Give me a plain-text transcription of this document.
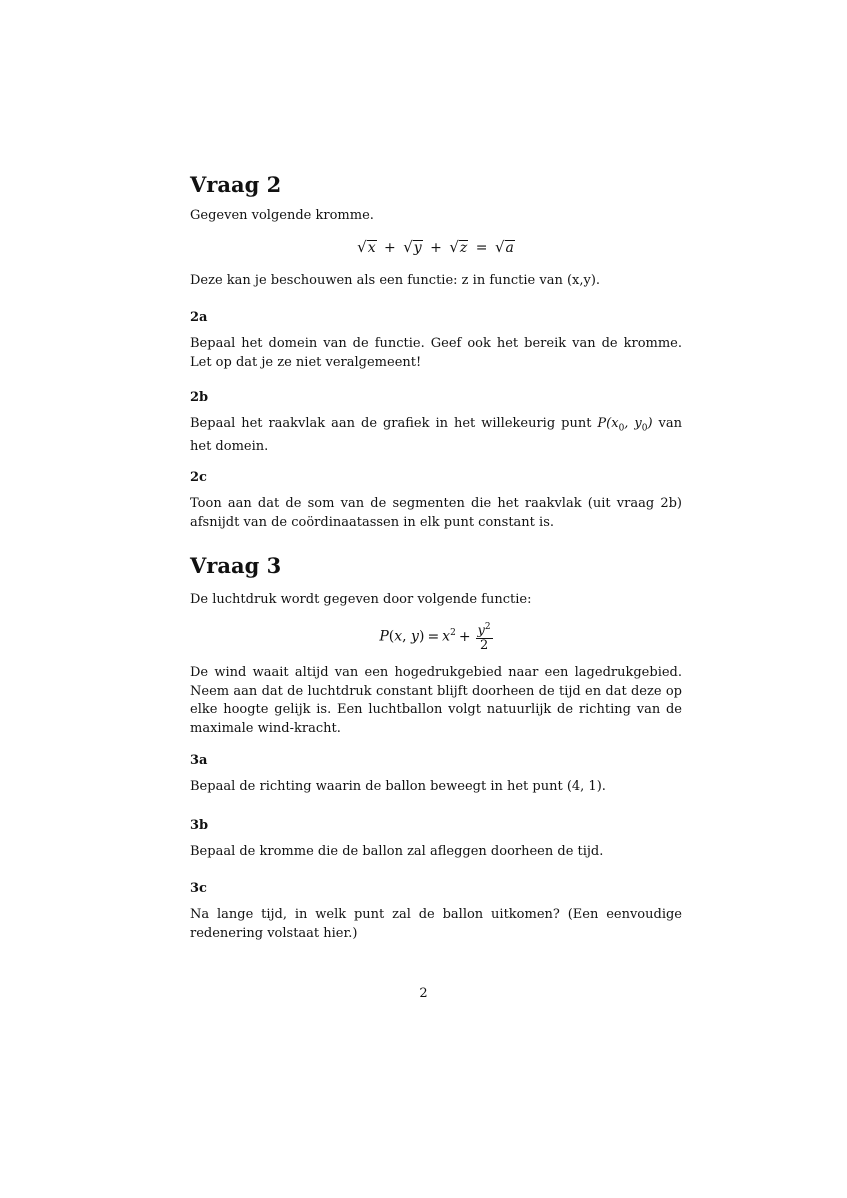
Vraag 2
Gegeven volgende kromme.
√x + √y + √z = √a
Deze kan je beschouwen als een functie: z in functie van (x,y).
2a
Bepaal het domein van de functie. Geef ook het bereik van de kromme. Let op dat je ze niet veralgemeent!
2b
Bepaal het raakvlak aan de grafiek in het willekeurig punt $P(x_0$, $y_0$) van het domein.
2c
Toon aan dat de som van de segmenten die het raakvlak (uit vraag 2b) afsnijdt van de coördinaatassen in elk punt constant is.
Vraag 3
De luchtdruk wordt gegeven door volgende functie:
P(x, $y) = x^2 + \frac{y^2}{2}$
De wind waait altijd van een hogedrukgebied naar een lagedrukgebied. Neem aan dat de luchtdruk constant blijft doorheen de tijd en dat deze op elke hoogte gelijk is. Een luchtballon volgt natuurlijk de richting van de maximale wind-kracht.
3a
Bepaal de richting waarin de ballon beweegt in het punt (4, 1).
3b
Bepaal de kromme die de ballon zal afleggen doorheen de tijd.
3c
Na lange tijd, in welk punt zal de ballon uitkomen? (Een eenvoudige redenering volstaat hier.)
2
